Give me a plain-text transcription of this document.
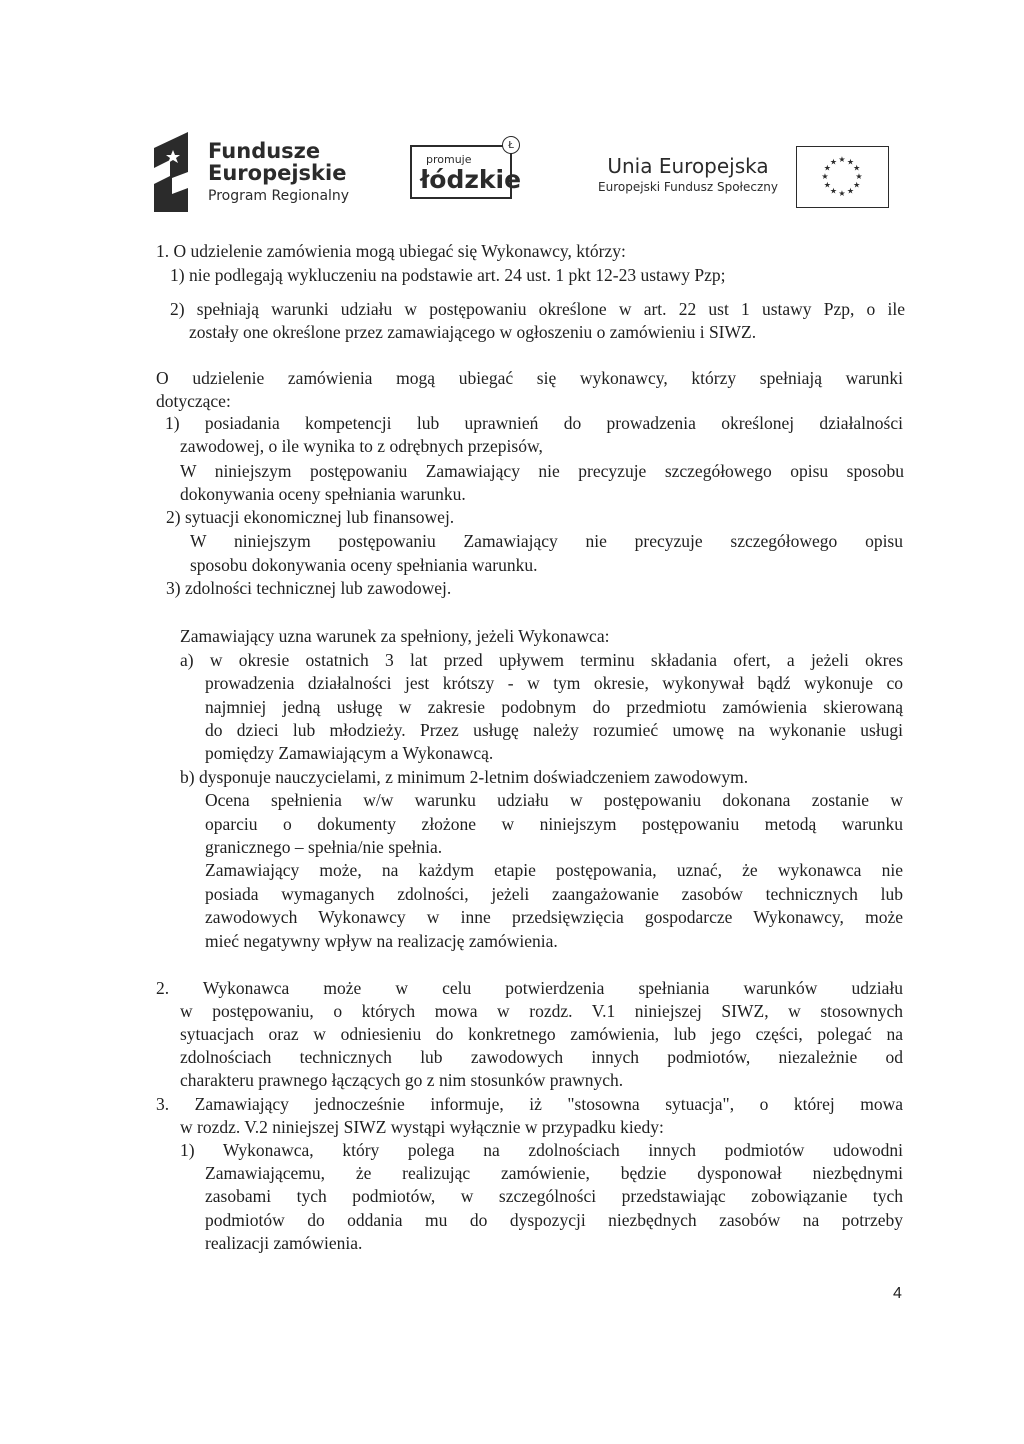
Fundusze
Europejskie
Program Regionalny
promuje
łódzkie
Ł
Unia Europejska
Europejski Fundusz Społeczny
★
★
★
★
★
★
★
★
★ ★ ★
★
1. O udzielenie zamówienia mogą ubiegać się Wykonawcy, którzy:
1) nie podlegają wykluczeniu na podstawie art. 24 ust. 1 pkt 12-23 ustawy Pzp;
2) spełniają warunki udziału w postępowaniu określone w art. 22 ust 1 ustawy Pzp, o ile
zostały one określone przez zamawiającego w ogłoszeniu o zamówieniu i SIWZ.
O udzielenie zamówienia mogą ubiegać się wykonawcy, którzy spełniają warunki
dotyczące:
1) posiadania kompetencji lub uprawnień do prowadzenia określonej działalności
zawodowej, o ile wynika to z odrębnych przepisów,
W niniejszym postępowaniu Zamawiający nie precyzuje szczegółowego opisu sposobu
dokonywania oceny spełniania warunku.
2) sytuacji ekonomicznej lub finansowej.
W niniejszym postępowaniu Zamawiający nie precyzuje szczegółowego opisu
sposobu dokonywania oceny spełniania warunku.
3) zdolności technicznej lub zawodowej.
Zamawiający uzna warunek za spełniony, jeżeli Wykonawca:
a) w okresie ostatnich 3 lat przed upływem terminu składania ofert, a jeżeli okres
prowadzenia działalności jest krótszy - w tym okresie, wykonywał bądź wykonuje co
najmniej jedną usługę w zakresie podobnym do przedmiotu zamówienia skierowaną
do dzieci lub młodzieży. Przez usługę należy rozumieć umowę na wykonanie usługi
pomiędzy Zamawiającym a Wykonawcą.
b) dysponuje nauczycielami, z minimum 2-letnim doświadczeniem zawodowym.
Ocena spełnienia w/w warunku udziału w postępowaniu dokonana zostanie w
oparciu o dokumenty złożone w niniejszym postępowaniu metodą warunku
granicznego – spełnia/nie spełnia.
Zamawiający może, na każdym etapie postępowania, uznać, że wykonawca nie
posiada wymaganych zdolności, jeżeli zaangażowanie zasobów technicznych lub
zawodowych Wykonawcy w inne przedsięwzięcia gospodarcze Wykonawcy, może
mieć negatywny wpływ na realizację zamówienia.
2. Wykonawca może w celu potwierdzenia spełniania warunków udziału
w postępowaniu, o których mowa w rozdz. V.1 niniejszej SIWZ, w stosownych
sytuacjach oraz w odniesieniu do konkretnego zamówienia, lub jego części, polegać na
zdolnościach technicznych lub zawodowych innych podmiotów, niezależnie od
charakteru prawnego łączących go z nim stosunków prawnych.
3. Zamawiający jednocześnie informuje, iż "stosowna sytuacja", o której mowa
w rozdz. V.2 niniejszej SIWZ wystąpi wyłącznie w przypadku kiedy:
1) Wykonawca, który polega na zdolnościach innych podmiotów udowodni
Zamawiającemu, że realizując zamówienie, będzie dysponował niezbędnymi
zasobami tych podmiotów, w szczególności przedstawiając zobowiązanie tych
podmiotów do oddania mu do dyspozycji niezbędnych zasobów na potrzeby
realizacji zamówienia.
4
